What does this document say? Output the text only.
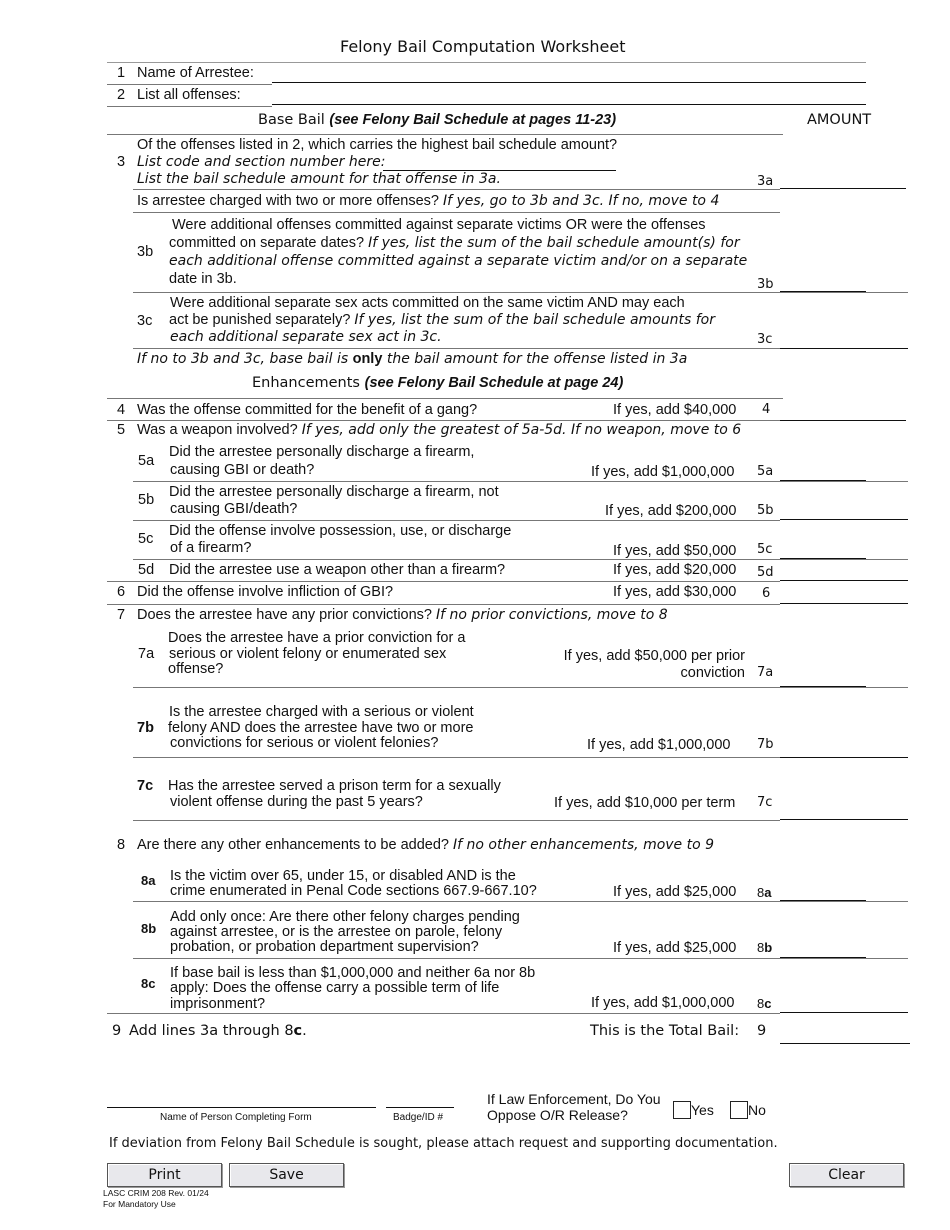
Felony Bail Computation Worksheet
1 Name of Arrestee:
2 List all offenses:
Base Bail (see Felony Bail Schedule at pages 11-23)	AMOUNT
3
Of the offenses listed in 2, which carries the highest bail schedule amount?
List code and section number here:
List the bail schedule amount for that offense in 3a.	3a
Is arrestee charged with two or more offenses? If yes, go to 3b and 3c. If no, move to 4
3b
Were additional offenses committed against separate victims OR were the offenses
committed on separate dates? If yes, list the sum of the bail schedule amount(s) for
each additional offense committed against a separate victim and/or on a separate
date in 3b.	3b
3c
Were additional separate sex acts committed on the same victim AND may each
act be punished separately? If yes, list the sum of the bail schedule amounts for
each additional separate sex act in 3c.	3c
If no to 3b and 3c, base bail is only the bail amount for the offense listed in 3a
Enhancements (see Felony Bail Schedule at page 24)
4 Was the offense committed for the benefit of a gang?	If yes, add $40,000 4
5 Was a weapon involved? If yes, add only the greatest of 5a-5d. If no weapon, move to 6
5a
Did the arrestee personally discharge a firearm,
causing GBI or death?	If yes, add $1,000,000 5a
5b Did the arrestee personally discharge a firearm, not
causing GBI/death?	If yes, add $200,000 5b
5c Did the offense involve possession, use, or discharge
of a firearm?	If yes, add $50,000 5c
5d Did the arrestee use a weapon other than a firearm?	If yes, add $20,000 5d
6 Did the offense involve infliction of GBI?	If yes, add $30,000 6
7 Does the arrestee have any prior convictions? If no prior convictions, move to 8
7a
Does the arrestee have a prior conviction for a
serious or violent felony or enumerated sex
offense?
If yes, add $50,000 per prior
conviction 7a
7b
Is the arrestee charged with a serious or violent
felony AND does the arrestee have two or more
convictions for serious or violent felonies?	If yes, add $1,000,000 7b
7c Has the arrestee served a prison term for a sexually
violent offense during the past 5 years?	If yes, add $10,000 per term 7c
8 Are there any other enhancements to be added? If no other enhancements, move to 9
8a Is the victim over 65, under 15, or disabled AND is the
crime enumerated in Penal Code sections 667.9-667.10?	If yes, add $25,000 8a
8b
Add only once: Are there other felony charges pending
against arrestee, or is the arrestee on parole, felony
probation, or probation department supervision?	If yes, add $25,000 8b
8c
If base bail is less than $1,000,000 and neither 6a nor 8b
apply: Does the offense carry a possible term of life
imprisonment?	If yes, add $1,000,000 8c
9 Add lines 3a through 8c.	This is the Total Bail: 9
Name of Person Completing Form	Badge/ID #
If Law Enforcement, Do You
Oppose O/R Release?	Yes No
If deviation from Felony Bail Schedule is sought, please attach request and supporting documentation.
Print	Save	Clear
LASC CRIM 208 Rev. 01/24
For Mandatory Use
